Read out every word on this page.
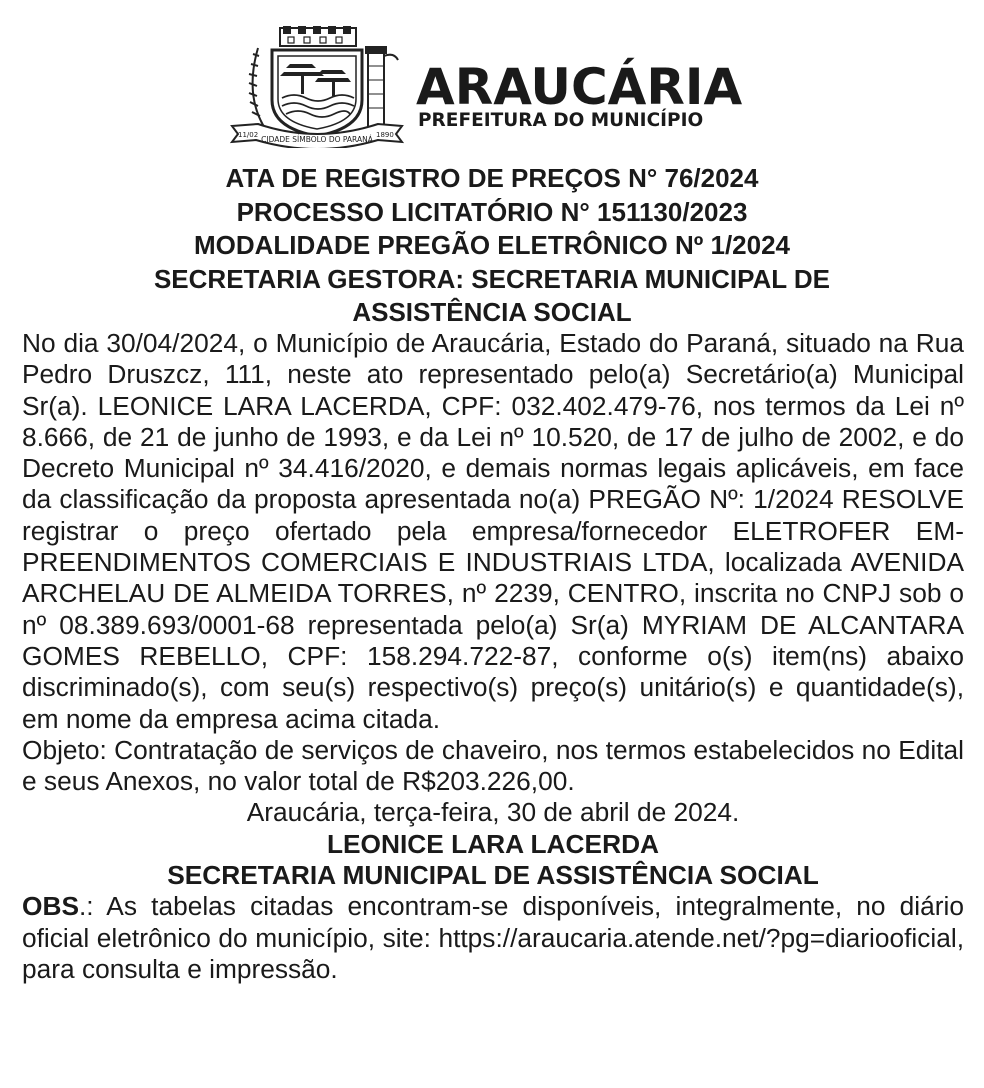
11/02 CIDADE SÍMBOLO DO PARANÁ 1890
ARAUCÁRIA
PREFEITURA DO MUNICÍPIO
ATA DE REGISTRO DE PREÇOS N° 76/2024
PROCESSO LICITATÓRIO N° 151130/2023
MODALIDADE PREGÃO ELETRÔNICO Nº 1/2024
SECRETARIA GESTORA: SECRETARIA MUNICIPAL DE
ASSISTÊNCIA SOCIAL

No dia 30/04/2024, o Município de Araucária, Estado do Paraná, situado na Rua Pedro Druszcz, 111, neste ato representado pelo(a) Secretário(a) Municipal Sr(a). LEONICE LARA LACERDA, CPF: 032.402.479-76, nos termos da Lei nº 8.666, de 21 de junho de 1993, e da Lei nº 10.520, de 17 de julho de 2002, e do Decreto Municipal nº 34.416/2020, e demais normas legais aplicáveis, em face da classificação da proposta apresentada no(a) PREGÃO Nº: 1/2024 RESOLVE registrar o preço ofertado pela empresa/fornecedor ELETROFER EMPREENDIMENTOS COMERCIAIS E INDUSTRIAIS LTDA, localizada AVENIDA ARCHELAU DE ALMEIDA TORRES, nº 2239, CENTRO, inscrita no CNPJ sob o nº 08.389.693/0001-68 representada pelo(a) Sr(a) MYRIAM DE ALCANTARA GOMES REBELLO, CPF: 158.294.722-87, conforme o(s) item(ns) abaixo discriminado(s), com seu(s) respectivo(s) preço(s) unitário(s) e quantidade(s), em nome da empresa acima citada.

Objeto: Contratação de serviços de chaveiro, nos termos estabelecidos no Edital e seus Anexos, no valor total de R$203.226,00.

Araucária, terça-feira, 30 de abril de 2024.

LEONICE LARA LACERDA

SECRETARIA MUNICIPAL DE ASSISTÊNCIA SOCIAL

OBS.: As tabelas citadas encontram-se disponíveis, integralmente, no diário oficial eletrônico do município, site: https://araucaria.atende.net/?pg=diariooficial, para consulta e impressão.
